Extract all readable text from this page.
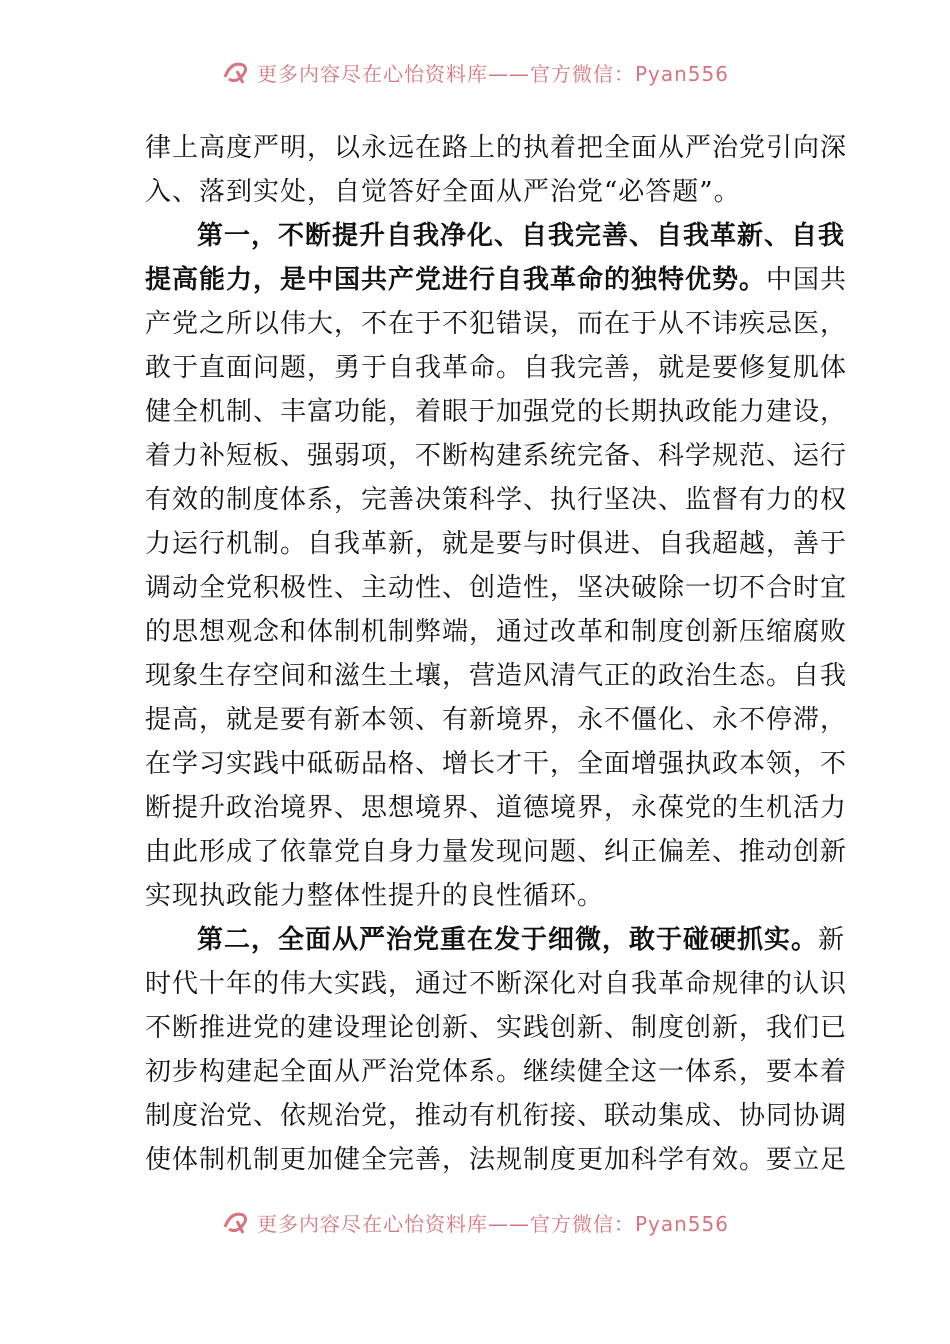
更多内容尽在心怡资料库——官方微信：Pyan556
律上高度严明，以永远在路上的执着把全面从严治党引向深
入、落到实处，自觉答好全面从严治党“必答题”。
第一，不断提升自我净化、自我完善、自我革新、自我
提高能力，是中国共产党进行自我革命的独特优势。中国共
产党之所以伟大，不在于不犯错误，而在于从不讳疾忌医，
敢于直面问题，勇于自我革命。自我完善，就是要修复肌体
健全机制、丰富功能，着眼于加强党的长期执政能力建设，
着力补短板、强弱项，不断构建系统完备、科学规范、运行
有效的制度体系，完善决策科学、执行坚决、监督有力的权
力运行机制。自我革新，就是要与时俱进、自我超越，善于
调动全党积极性、主动性、创造性，坚决破除一切不合时宜
的思想观念和体制机制弊端，通过改革和制度创新压缩腐败
现象生存空间和滋生土壤，营造风清气正的政治生态。自我
提高，就是要有新本领、有新境界，永不僵化、永不停滞，
在学习实践中砥砺品格、增长才干，全面增强执政本领，不
断提升政治境界、思想境界、道德境界，永葆党的生机活力
由此形成了依靠党自身力量发现问题、纠正偏差、推动创新
实现执政能力整体性提升的良性循环。
第二，全面从严治党重在发于细微，敢于碰硬抓实。新
时代十年的伟大实践，通过不断深化对自我革命规律的认识
不断推进党的建设理论创新、实践创新、制度创新，我们已
初步构建起全面从严治党体系。继续健全这一体系，要本着
制度治党、依规治党，推动有机衔接、联动集成、协同协调
使体制机制更加健全完善，法规制度更加科学有效。要立足
更多内容尽在心怡资料库——官方微信：Pyan556
